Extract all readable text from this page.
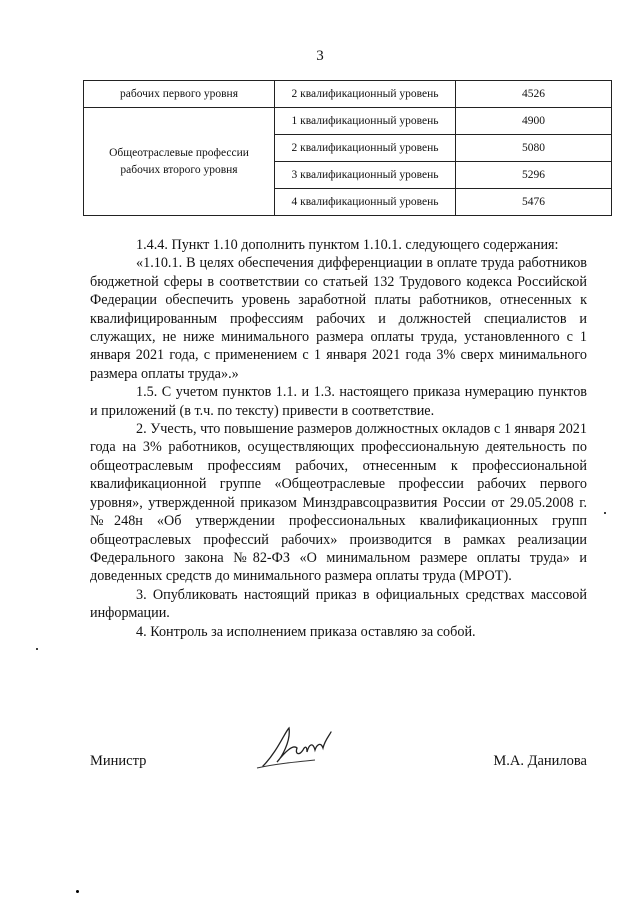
3
рабочих первого уровня	2 квалификационный уровень	4526
Общеотраслевые профессии рабочих второго уровня	1 квалификационный уровень	4900
	2 квалификационный уровень	5080
	3 квалификационный уровень	5296
	4 квалификационный уровень	5476

1.4.4. Пункт 1.10 дополнить пунктом 1.10.1. следующего содержания:

«1.10.1. В целях обеспечения дифференциации в оплате труда работников бюджетной сферы в соответствии со статьей 132 Трудового кодекса Российской Федерации обеспечить уровень заработной платы работников, отнесенных к квалифицированным профессиям рабочих и должностей специалистов и служащих, не ниже минимального размера оплаты труда, установленного с 1 января 2021 года, с применением с 1 января 2021 года 3% сверх минимального размера оплаты труда».»

1.5. С учетом пунктов 1.1. и 1.3. настоящего приказа нумерацию пунктов и приложений (в т.ч. по тексту) привести в соответствие.

2. Учесть, что повышение размеров должностных окладов с 1 января 2021 года на 3% работников, осуществляющих профессиональную деятельность по общеотраслевым профессиям рабочих, отнесенным к профессиональной квалификационной группе «Общеотраслевые профессии рабочих первого уровня», утвержденной приказом Минздравсоцразвития России от 29.05.2008 г. №248н «Об утверждении профессиональных квалификационных групп общеотраслевых профессий рабочих» производится в рамках реализации Федерального закона №82-ФЗ «О минимальном размере оплаты труда» и доведенных средств до минимального размера оплаты труда (МРОТ).

3. Опубликовать настоящий приказ в официальных средствах массовой информации.

4. Контроль за исполнением приказа оставляю за собой.

Министр	М.А. Данилова
